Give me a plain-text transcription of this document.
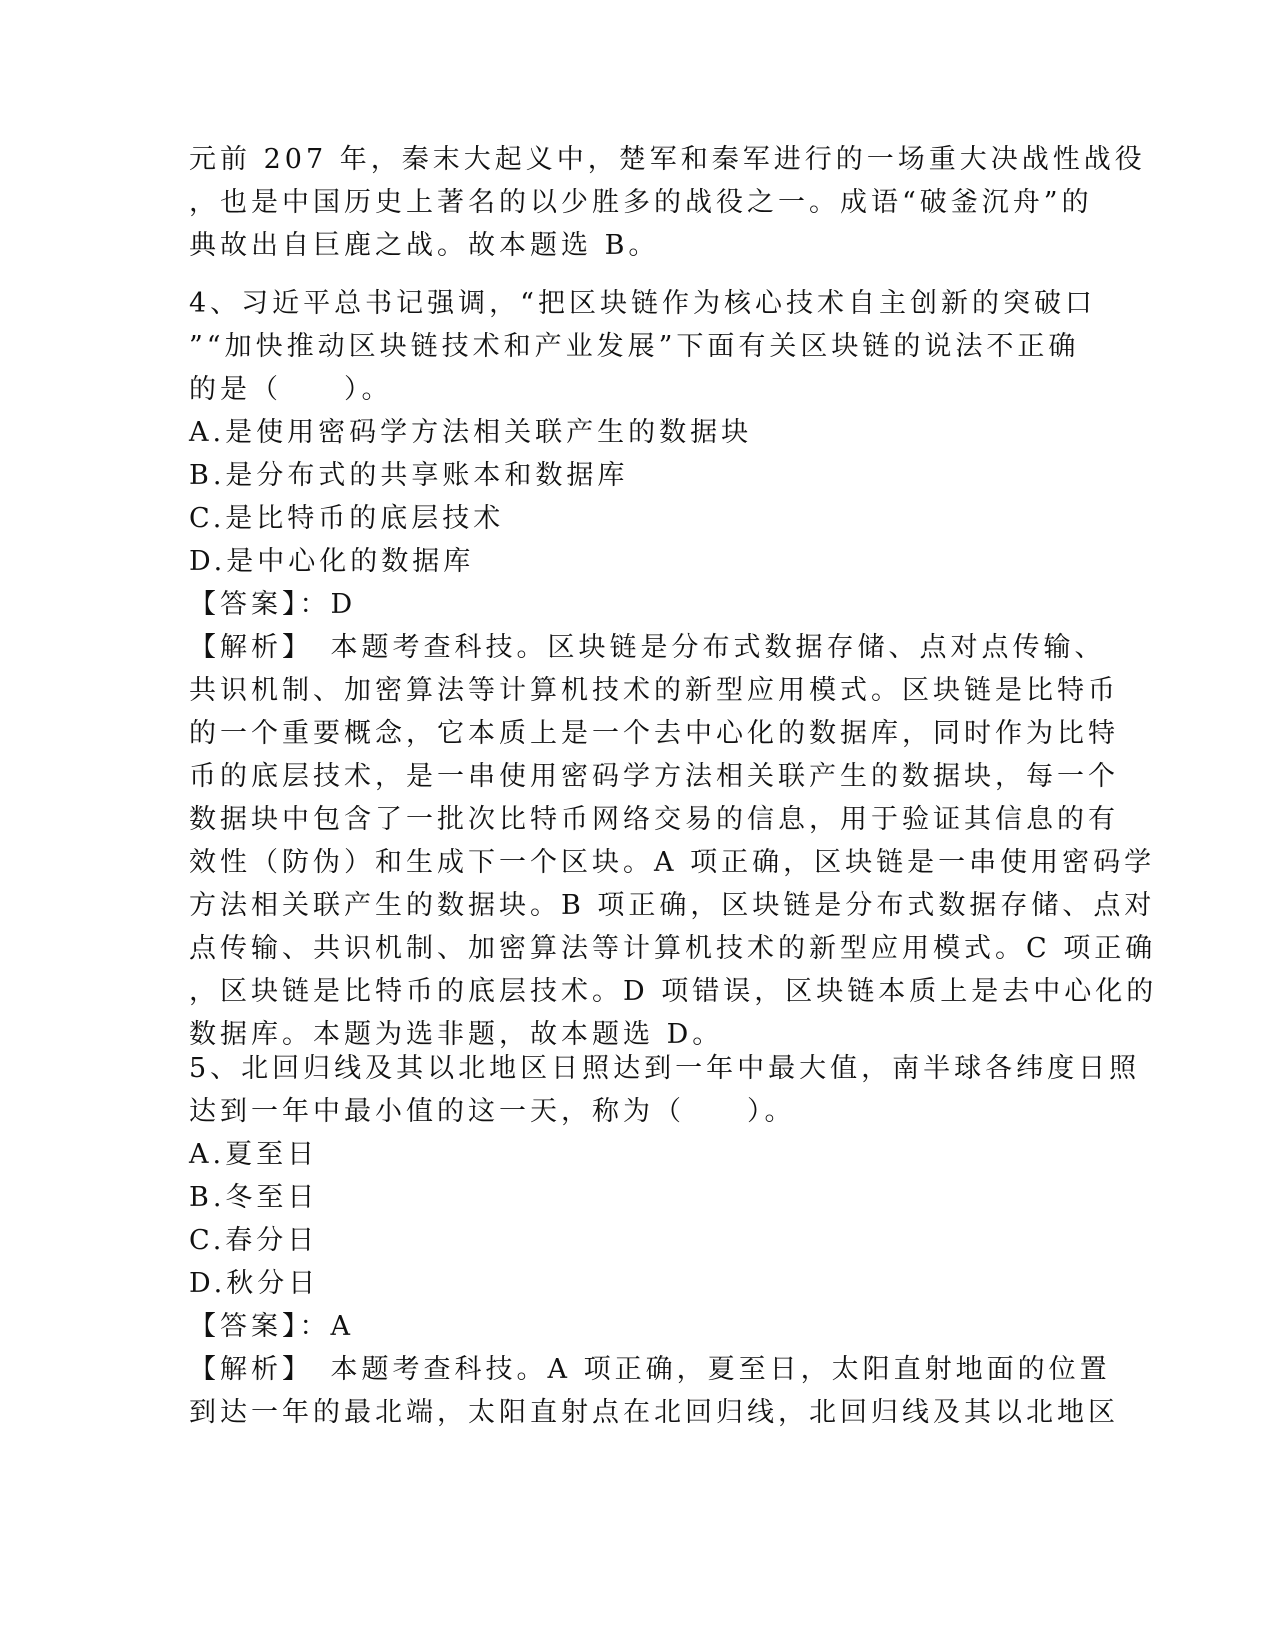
元前 207 年，秦末大起义中，楚军和秦军进行的一场重大决战性战役
，也是中国历史上著名的以少胜多的战役之一。成语“破釜沉舟”的
典故出自巨鹿之战。故本题选 B。
4、习近平总书记强调，“把区块链作为核心技术自主创新的突破口
”“加快推动区块链技术和产业发展”下面有关区块链的说法不正确
的是（　　）。
A.是使用密码学方法相关联产生的数据块
B.是分布式的共享账本和数据库
C.是比特币的底层技术
D.是中心化的数据库
【答案】：D
【解析】　本题考查科技。区块链是分布式数据存储、点对点传输、
共识机制、加密算法等计算机技术的新型应用模式。区块链是比特币
的一个重要概念，它本质上是一个去中心化的数据库，同时作为比特
币的底层技术，是一串使用密码学方法相关联产生的数据块，每一个
数据块中包含了一批次比特币网络交易的信息，用于验证其信息的有
效性（防伪）和生成下一个区块。A 项正确，区块链是一串使用密码学
方法相关联产生的数据块。B 项正确，区块链是分布式数据存储、点对
点传输、共识机制、加密算法等计算机技术的新型应用模式。C 项正确
，区块链是比特币的底层技术。D 项错误，区块链本质上是去中心化的
数据库。本题为选非题，故本题选 D。
5、北回归线及其以北地区日照达到一年中最大值，南半球各纬度日照
达到一年中最小值的这一天，称为（　　）。
A.夏至日
B.冬至日
C.春分日
D.秋分日
【答案】：A
【解析】　本题考查科技。A 项正确，夏至日，太阳直射地面的位置
到达一年的最北端，太阳直射点在北回归线，北回归线及其以北地区
